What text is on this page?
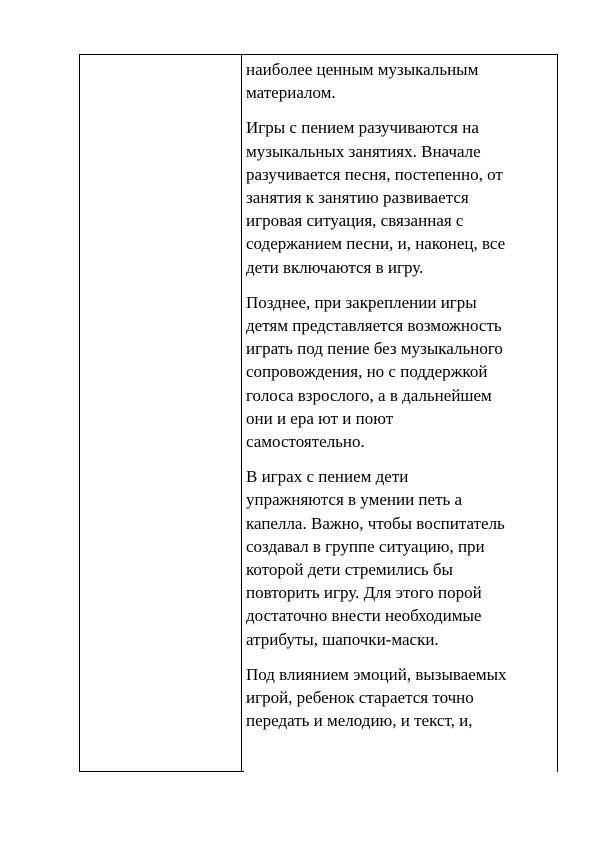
наиболее ценным музыкальным
материалом.

Игры с пением разучиваются на
музыкальных занятиях. Вначале
разучивается песня, постепенно, от
занятия к занятию развивается
игровая ситуация, связанная с
содержанием песни, и, наконец, все
дети включаются в игру.

Позднее, при закреплении игры
детям представляется возможность
играть под пение без музыкального
сопровождения, но с поддержкой
голоса взрослого, а в дальнейшем
они и ера ют и поют
самостоятельно.

В играх с пением дети
упражняются в умении петь а
капелла. Важно, чтобы воспитатель
создавал в группе ситуацию, при
которой дети стремились бы
повторить игру. Для этого порой
достаточно внести необходимые
атрибуты, шапочки-маски.

Под влиянием эмоций, вызываемых
игрой, ребенок старается точно
передать и мелодию, и текст, и,
